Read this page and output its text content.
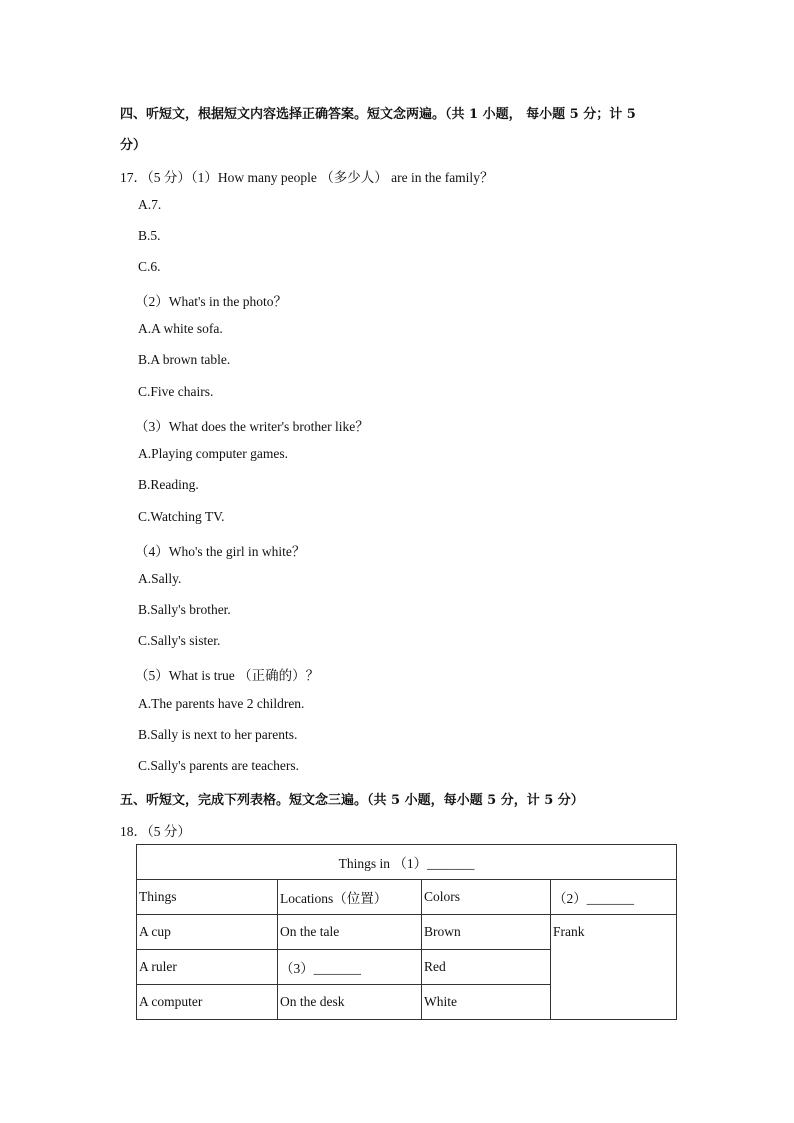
四、听短文，根据短文内容选择正确答案。短文念两遍。（共 1 小题， 每小题 5 分；计 5
分）
17．（5 分）（1）How many people （多少人） are in the family？
A.7.
B.5.
C.6.
（2）What's in the photo？
A.A white sofa.
B.A brown table.
C.Five chairs.
（3）What does the writer's brother like？
A.Playing computer games.
B.Reading.
C.Watching TV.
（4）Who's the girl in white？
A.Sally.
B.Sally's brother.
C.Sally's sister.
（5）What is true （正确的）？
A.The parents have 2 children.
B.Sally is next to her parents.
C.Sally's parents are teachers.
五、听短文，完成下列表格。短文念三遍。（共 5 小题，每小题 5 分，计 5 分）
18．（5 分）
Things in （1）_______			
Things	Locations（位置）	Colors	（2）_______
A cup	On the tale	Brown	Frank
A ruler	（3）_______	Red	
A computer	On the desk	White	
